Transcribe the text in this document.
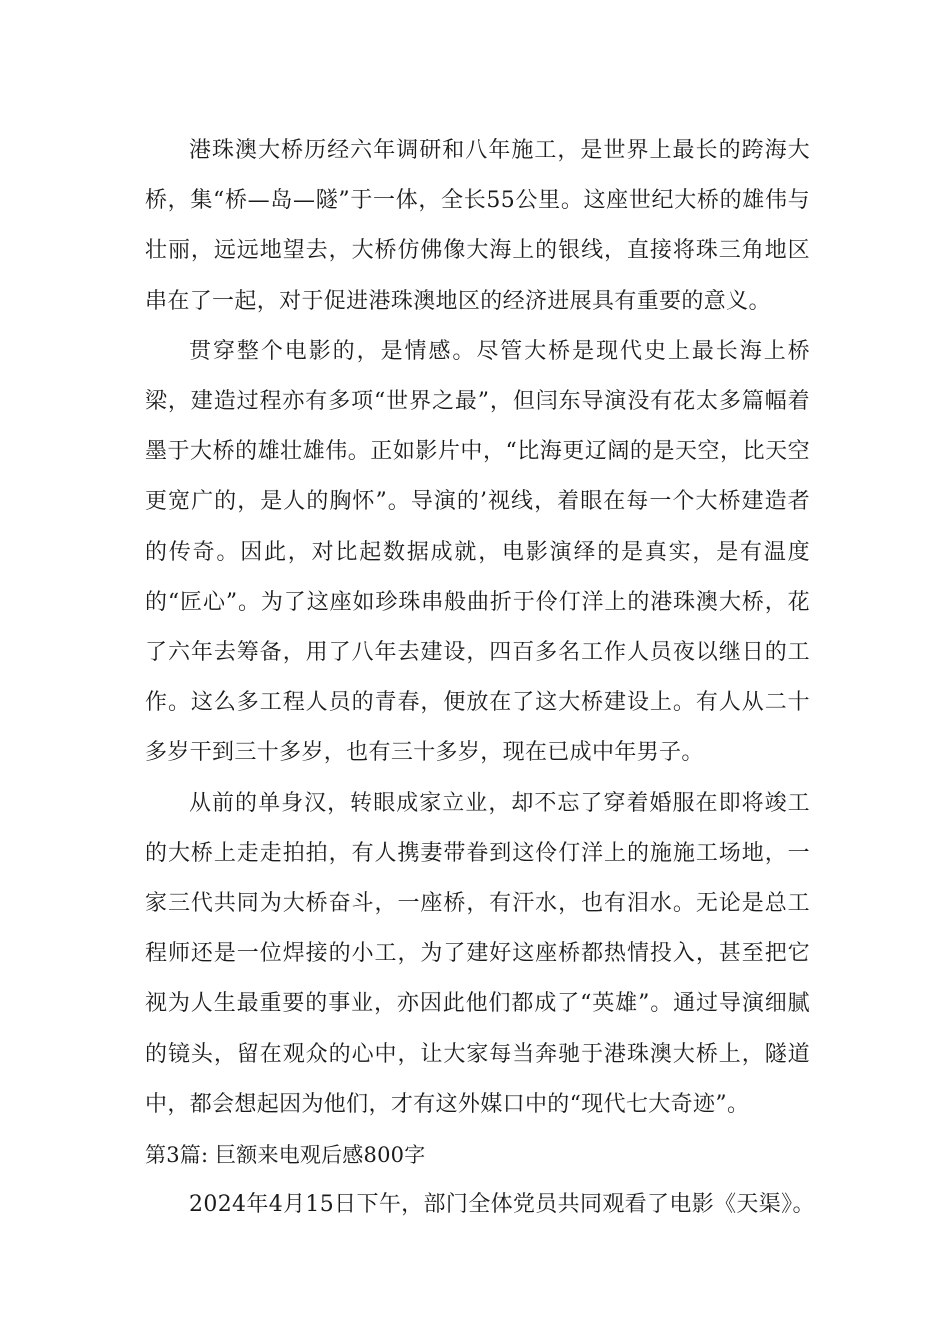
港珠澳大桥历经六年调研和八年施工，是世界上最长的跨海大桥，集“桥—岛—隧”于一体，全长55公里。这座世纪大桥的雄伟与壮丽，远远地望去，大桥仿佛像大海上的银线，直接将珠三角地区串在了一起，对于促进港珠澳地区的经济进展具有重要的意义。

贯穿整个电影的，是情感。尽管大桥是现代史上最长海上桥梁，建造过程亦有多项“世界之最”，但闫东导演没有花太多篇幅着墨于大桥的雄壮雄伟。正如影片中，“比海更辽阔的是天空，比天空更宽广的，是人的胸怀”。导演的’视线，着眼在每一个大桥建造者的传奇。因此，对比起数据成就，电影演绎的是真实，是有温度的“匠心”。为了这座如珍珠串般曲折于伶仃洋上的港珠澳大桥，花了六年去筹备，用了八年去建设，四百多名工作人员夜以继日的工作。这么多工程人员的青春，便放在了这大桥建设上。有人从二十多岁干到三十多岁，也有三十多岁，现在已成中年男子。

从前的单身汉，转眼成家立业，却不忘了穿着婚服在即将竣工的大桥上走走拍拍，有人携妻带眷到这伶仃洋上的施施工场地，一家三代共同为大桥奋斗，一座桥，有汗水，也有泪水。无论是总工程师还是一位焊接的小工，为了建好这座桥都热情投入，甚至把它视为人生最重要的事业，亦因此他们都成了“英雄”。通过导演细腻的镜头，留在观众的心中，让大家每当奔驰于港珠澳大桥上，隧道中，都会想起因为他们，才有这外媒口中的“现代七大奇迹”。

第3篇: 巨额来电观后感800字

2024年4月15日下午，部门全体党员共同观看了电影《天渠》。
